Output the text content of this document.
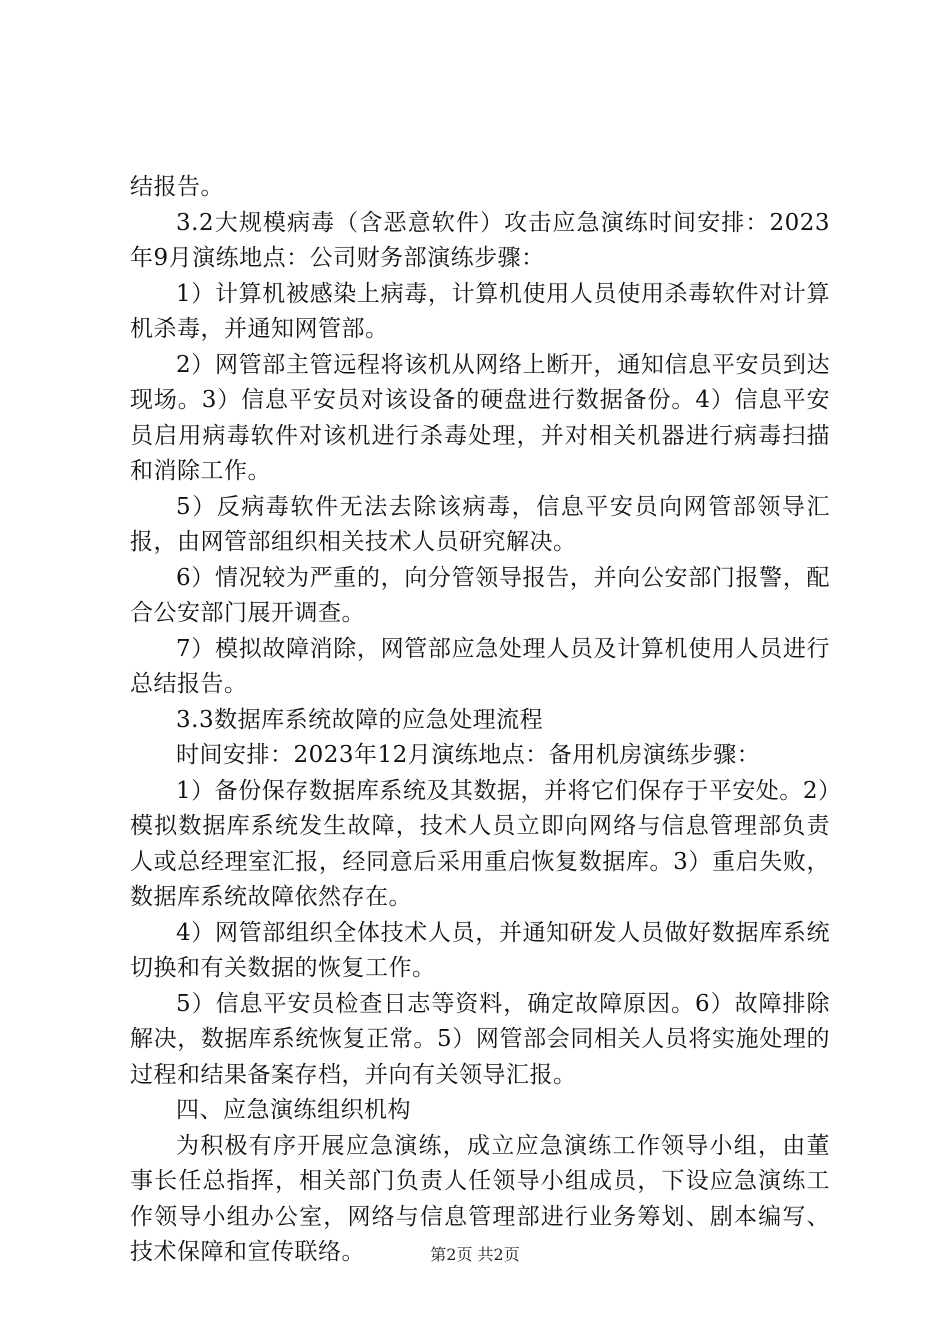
结报告。

3.2大规模病毒（含恶意软件）攻击应急演练时间安排：2023年9月演练地点：公司财务部演练步骤：

1）计算机被感染上病毒，计算机使用人员使用杀毒软件对计算机杀毒，并通知网管部。

2）网管部主管远程将该机从网络上断开，通知信息平安员到达现场。3）信息平安员对该设备的硬盘进行数据备份。4）信息平安员启用病毒软件对该机进行杀毒处理，并对相关机器进行病毒扫描和消除工作。

5）反病毒软件无法去除该病毒，信息平安员向网管部领导汇报，由网管部组织相关技术人员研究解决。

6）情况较为严重的，向分管领导报告，并向公安部门报警，配合公安部门展开调查。

7）模拟故障消除，网管部应急处理人员及计算机使用人员进行总结报告。

3.3数据库系统故障的应急处理流程

时间安排：2023年12月演练地点：备用机房演练步骤：

1）备份保存数据库系统及其数据，并将它们保存于平安处。2）模拟数据库系统发生故障，技术人员立即向网络与信息管理部负责人或总经理室汇报，经同意后采用重启恢复数据库。3）重启失败，数据库系统故障依然存在。

4）网管部组织全体技术人员，并通知研发人员做好数据库系统切换和有关数据的恢复工作。

5）信息平安员检查日志等资料，确定故障原因。6）故障排除解决，数据库系统恢复正常。5）网管部会同相关人员将实施处理的过程和结果备案存档，并向有关领导汇报。

四、应急演练组织机构

为积极有序开展应急演练，成立应急演练工作领导小组，由董事长任总指挥，相关部门负责人任领导小组成员，下设应急演练工作领导小组办公室，网络与信息管理部进行业务筹划、剧本编写、技术保障和宣传联络。	第2页 共2页
